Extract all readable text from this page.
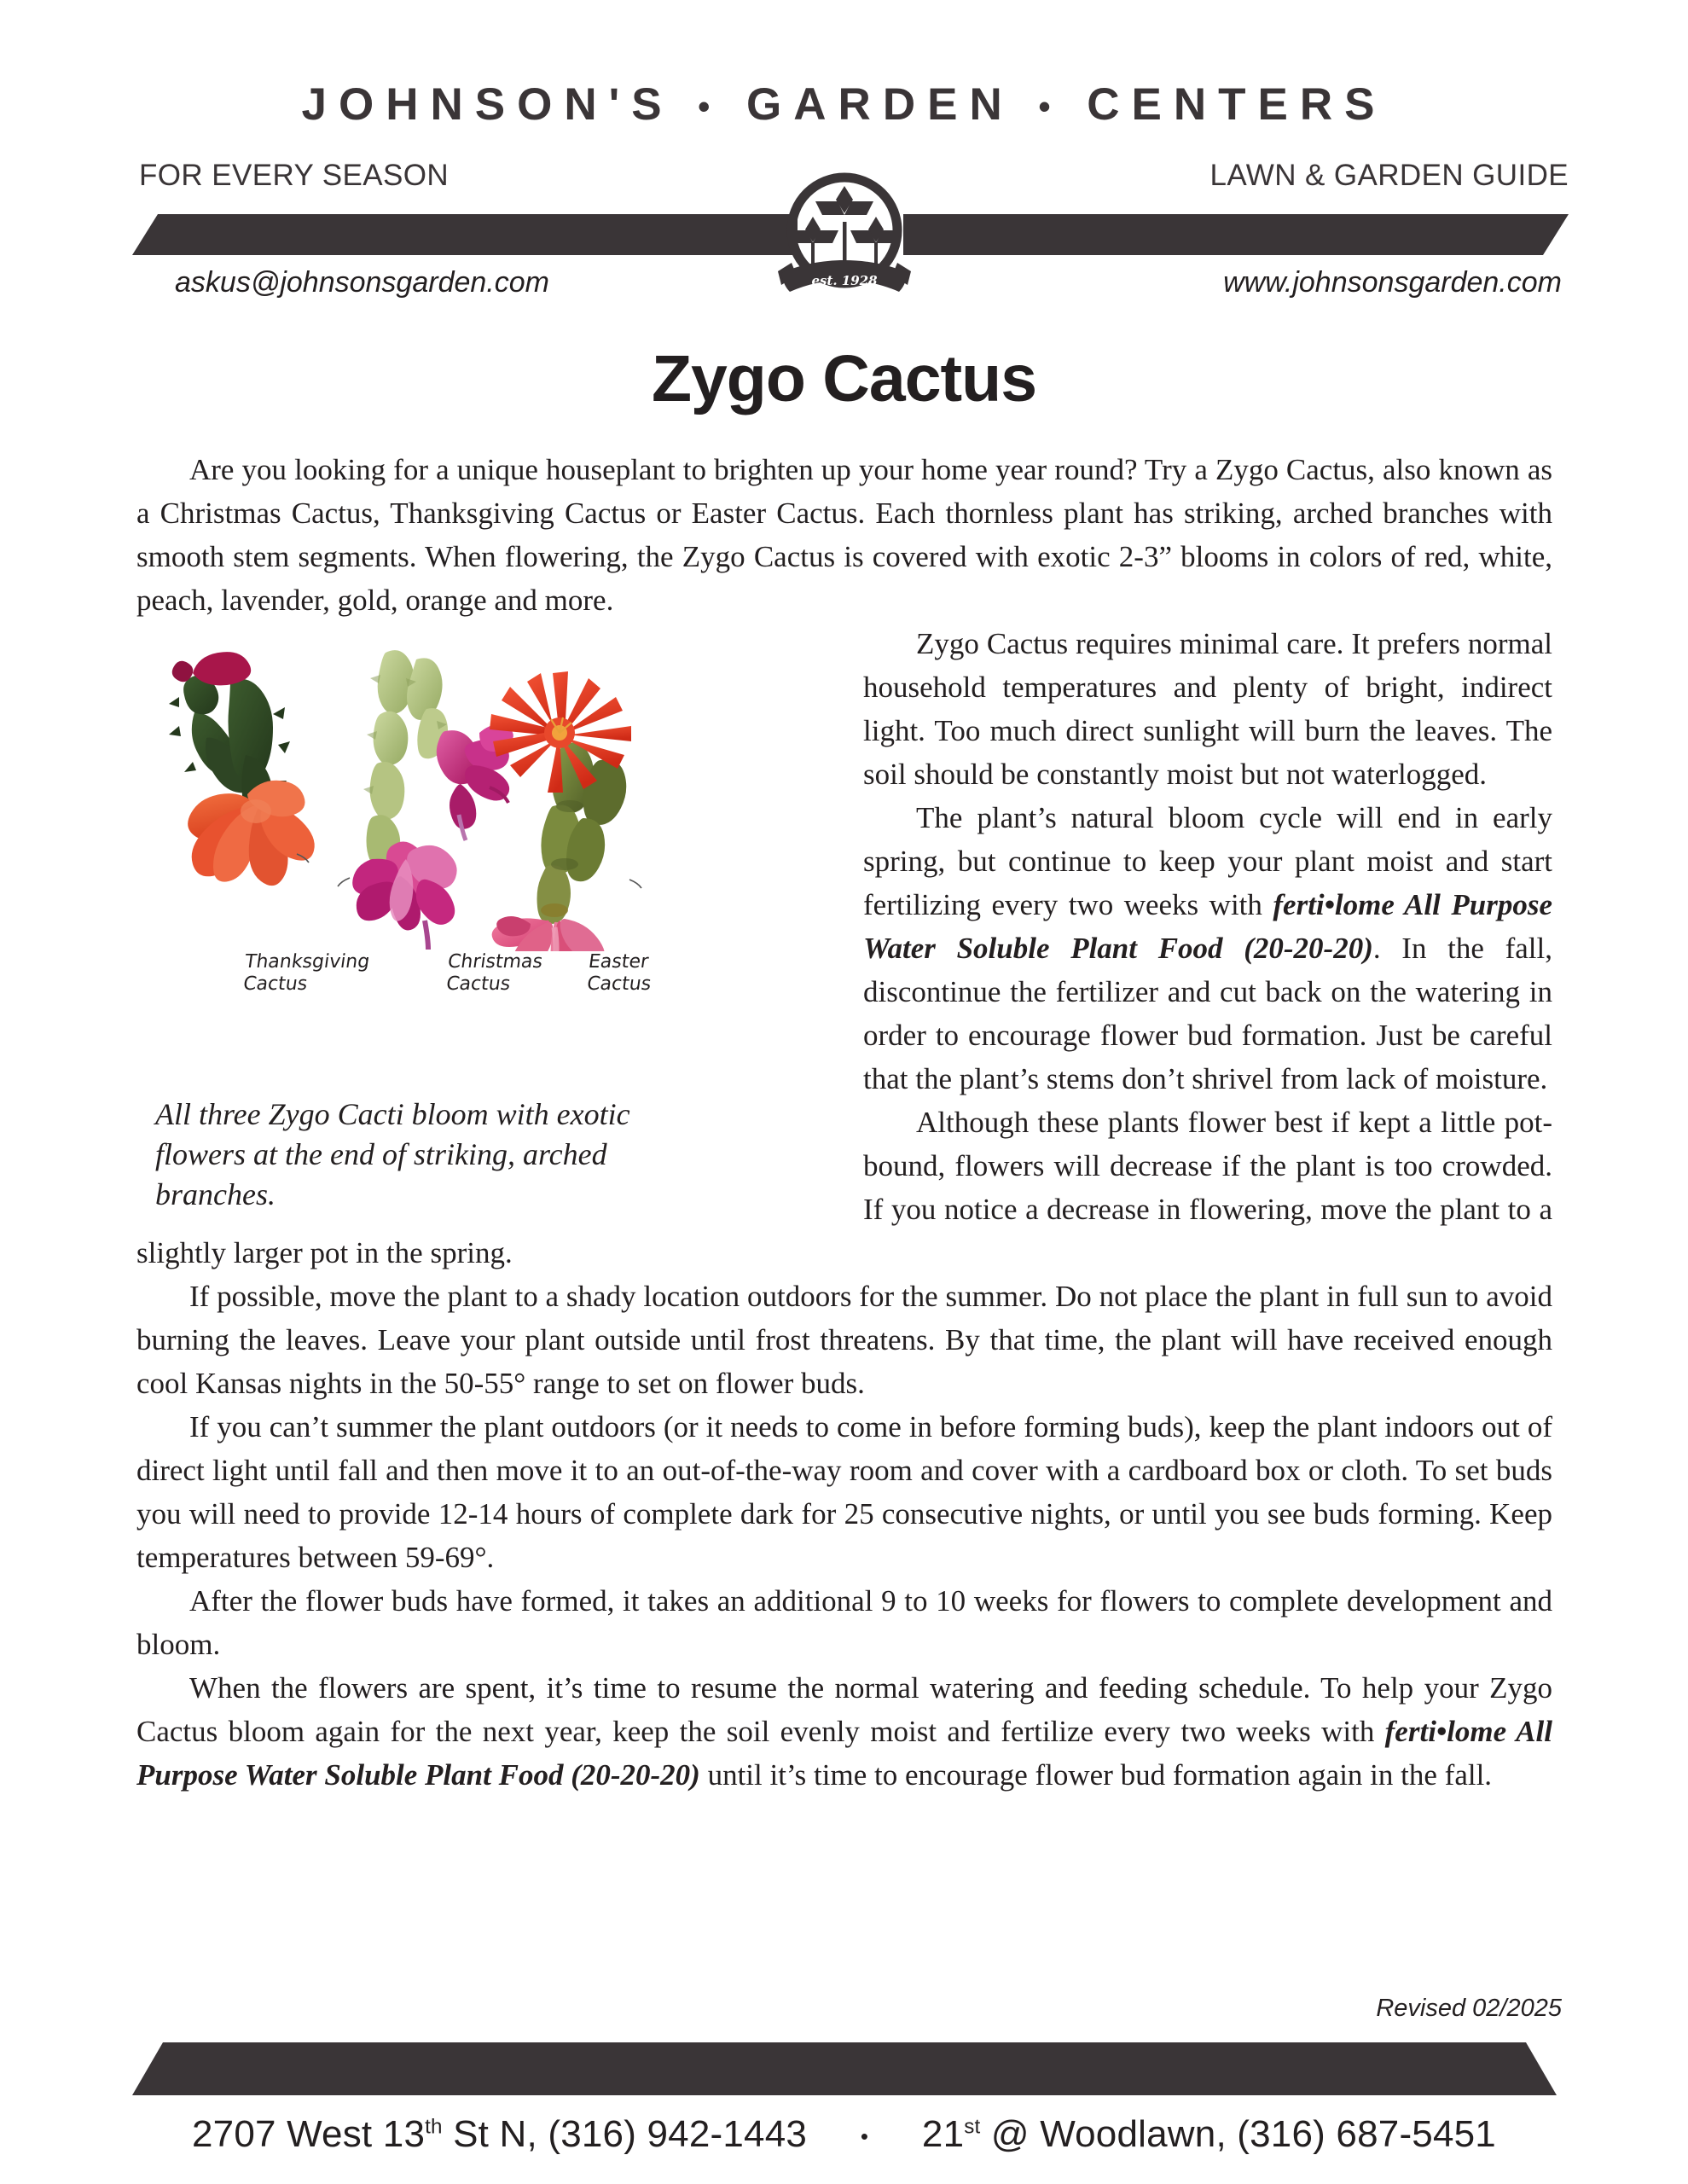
JOHNSON'S • GARDEN • CENTERS
FOR EVERY SEASON	LAWN & GARDEN GUIDE
askus@johnsonsgarden.com	www.johnsonsgarden.com
est. 1928
Zygo Cactus

Are you looking for a unique houseplant to brighten up your home year round? Try a Zygo Cactus, also known as a Christmas Cactus, Thanksgiving Cactus or Easter Cactus. Each thornless plant has striking, arched branches with smooth stem segments. When flowering, the Zygo Cactus is covered with exotic 2-3” blooms in colors of red, white, peach, lavender, gold, orange and more.

Thanksgiving

Cactus
Christmas

Cactus
Easter

Cactus
All three Zygo Cacti bloom with exotic flowers at the end of striking, arched branches.

Zygo Cactus requires minimal care. It prefers normal household temperatures and plenty of bright, indirect light. Too much direct sunlight will burn the leaves. The soil should be constantly moist but not waterlogged.

The plant’s natural bloom cycle will end in early spring, but continue to keep your plant moist and start fertilizing every two weeks with ferti•lome All Purpose Water Soluble Plant Food (20-20-20). In the fall, discontinue the fertilizer and cut back on the watering in order to encourage flower bud formation. Just be careful that the plant’s stems don’t shrivel from lack of moisture.

Although these plants flower best if kept a little pot-bound, flowers will decrease if the plant is too crowded. If you notice a decrease in flowering, move the plant to a slightly larger pot in the spring.

If possible, move the plant to a shady location outdoors for the summer. Do not place the plant in full sun to avoid burning the leaves. Leave your plant outside until frost threatens. By that time, the plant will have received enough cool Kansas nights in the 50-55° range to set on flower buds.

If you can’t summer the plant outdoors (or it needs to come in before forming buds), keep the plant indoors out of direct light until fall and then move it to an out-of-the-way room and cover with a cardboard box or cloth. To set buds you will need to provide 12-14 hours of complete dark for 25 consecutive nights, or until you see buds forming. Keep temperatures between 59-69°.

After the flower buds have formed, it takes an additional 9 to 10 weeks for flowers to complete development and bloom.

When the flowers are spent, it’s time to resume the normal watering and feeding schedule. To help your Zygo Cactus bloom again for the next year, keep the soil evenly moist and fertilize every two weeks with ferti•lome All Purpose Water Soluble Plant Food (20-20-20) until it’s time to encourage flower bud formation again in the fall.

Revised 02/2025
2707 West 13th St N, (316) 942-1443 • 21st @ Woodlawn, (316) 687-5451
